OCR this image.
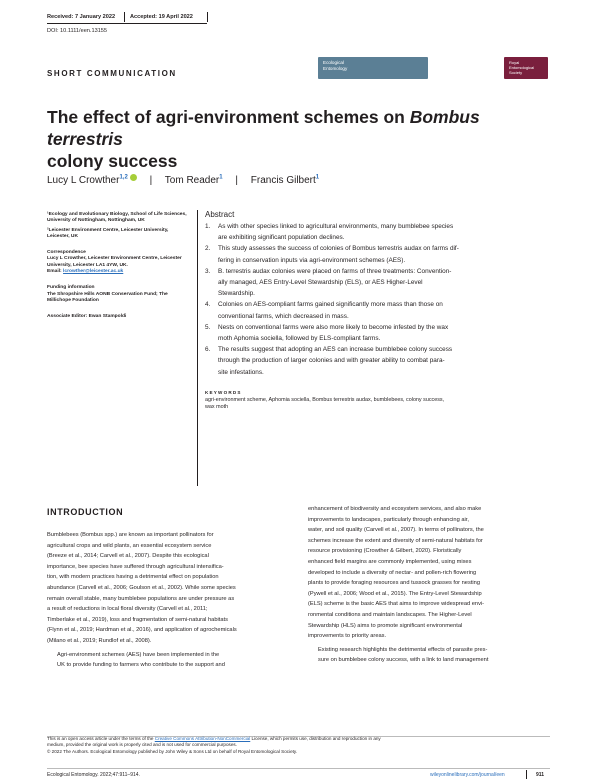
Received: 7 January 2022	Accepted: 19 April 2022
DOI: 10.1111/een.13155
SHORT COMMUNICATION
Ecological
Entomology
Royal Entomological Society
The effect of agri-environment schemes on Bombus terrestris
colony success
Lucy L Crowther$^{1,2}$ | Tom Reader$^1$ | Francis Gilbert$^1$
¹Ecology and Evolutionary Biology, School of Life Sciences, University of Nottingham, Nottingham, UK
²Leicester Environment Centre, Leicester University, Leicester, UK
Correspondence
Lucy L Crowther, Leicester Environment Centre, Leicester University, Leicester LA1 4YW, UK.
Email: lcrowther@leicester.ac.uk
Funding information
The Shropshire Hills AONB Conservation Fund; The Millichope Foundation
Associate Editor: Ewan Stampoldi
Abstract
1.	As with other species linked to agricultural environments, many bumblebee species
are exhibiting significant population declines.
2.	This study assesses the success of colonies of Bombus terrestris audax on farms dif-
fering in conservation inputs via agri-environment schemes (AES).
3.	B. terrestris audax colonies were placed on farms of three treatments: Convention-
ally managed, AES Entry-Level Stewardship (ELS), or AES Higher-Level
Stewardship.
4.	Colonies on AES-compliant farms gained significantly more mass than those on
conventional farms, which decreased in mass.
5.	Nests on conventional farms were also more likely to become infested by the wax
moth Aphomia sociella, followed by ELS-compliant farms.
6.	The results suggest that adopting an AES can increase bumblebee colony success
through the production of larger colonies and with greater ability to combat para-
site infestations.
KEYWORDS
agri-environment scheme, Aphomia sociella, Bombus terrestris audax, bumblebees, colony success,
wax moth
INTRODUCTION
Bumblebees (Bombus spp.) are known as important pollinators for
agricultural crops and wild plants, an essential ecosystem service
(Breeze et al., 2014; Carvell et al., 2007). Despite this ecological
importance, bee species have suffered through agricultural intensifica-
tion, with modern practices having a detrimental effect on population
abundance (Carvell et al., 2006; Goulson et al., 2002). While some species
remain overall stable, many bumblebee populations are under pressure as
a result of reductions in local floral diversity (Carvell et al., 2011;
Timberlake et al., 2019), loss and fragmentation of semi-natural habitats
(Flynn et al., 2019; Hardman et al., 2016), and application of agrochemicals
(Milano et al., 2019; Rundlof et al., 2008).
Agri-environment schemes (AES) have been implemented in the
UK to provide funding to farmers who contribute to the support and
enhancement of biodiversity and ecosystem services, and also make
improvements to landscapes, particularly through enhancing air,
water, and soil quality (Carvell et al., 2007). In terms of pollinators, the
schemes increase the extent and diversity of semi-natural habitats for
resource provisioning (Crowther & Gilbert, 2020). Floristically
enhanced field margins are commonly implemented, using mixes
developed to include a diversity of nectar- and pollen-rich flowering
plants to provide foraging resources and tussock grasses for nesting
(Pywell et al., 2006; Wood et al., 2015). The Entry-Level Stewardship
(ELS) scheme is the basic AES that aims to improve widespread envi-
ronmental conditions and maintain landscapes. The Higher-Level
Stewardship (HLS) aims to promote significant environmental
improvements to priority areas.
Existing research highlights the detrimental effects of parasite pres-
sure on bumblebee colony success, with a link to land management
This is an open access article under the terms of the Creative Commons Attribution-NonCommercial License, which permits use, distribution and reproduction in any
medium, provided the original work is properly cited and is not used for commercial purposes.
© 2022 The Authors. Ecological Entomology published by John Wiley & Sons Ltd on behalf of Royal Entomological Society.
Ecological Entomology. 2022;47:911–914.	wileyonlinelibrary.com/journal/een	911
